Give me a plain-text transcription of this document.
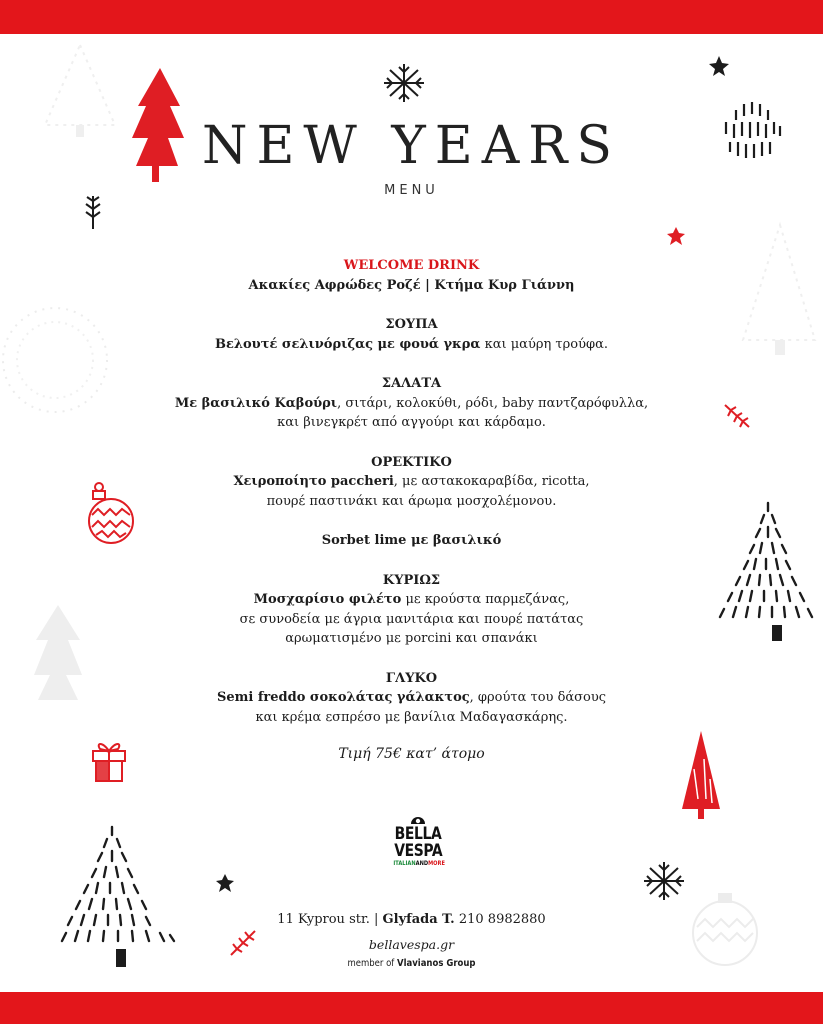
NEW YEARS
MENU
WELCOME DRINK
Ακακίες Αφρώδες Ροζέ | Κτήμα Κυρ Γιάννη
ΣΟΥΠΑ
Βελουτέ σελινόριζας με φουά γκρα και μαύρη τρούφα.
ΣΑΛΑΤΑ
Με βασιλικό Καβούρι, σιτάρι, κολοκύθι, ρόδι, baby παντζαρόφυλλα,
και βινεγκρέτ από αγγούρι και κάρδαμο.
ΟΡΕΚΤΙΚΟ
Χειροποίητο paccheri, με αστακοκαραβίδα, ricotta,
πουρέ παστινάκι και άρωμα μοσχολέμονου.
Sorbet lime με βασιλικό
ΚΥΡΙΩΣ
Μοσχαρίσιο φιλέτο με κρούστα παρμεζάνας,
σε συνοδεία με άγρια μανιτάρια και πουρέ πατάτας
αρωματισμένο με porcini και σπανάκι
ΓΛΥΚΟ
Semi freddo σοκολάτας γάλακτος, φρούτα του δάσους
και κρέμα εσπρέσο με βανίλια Μαδαγασκάρης.
Τιμή 75€ κατ’ άτομο
BELLA
VESPA
ITALIANANDMORE
11 Kyprou str. | Glyfada T. 210 8982880
bellavespa.gr
member of Vlavianos Group
